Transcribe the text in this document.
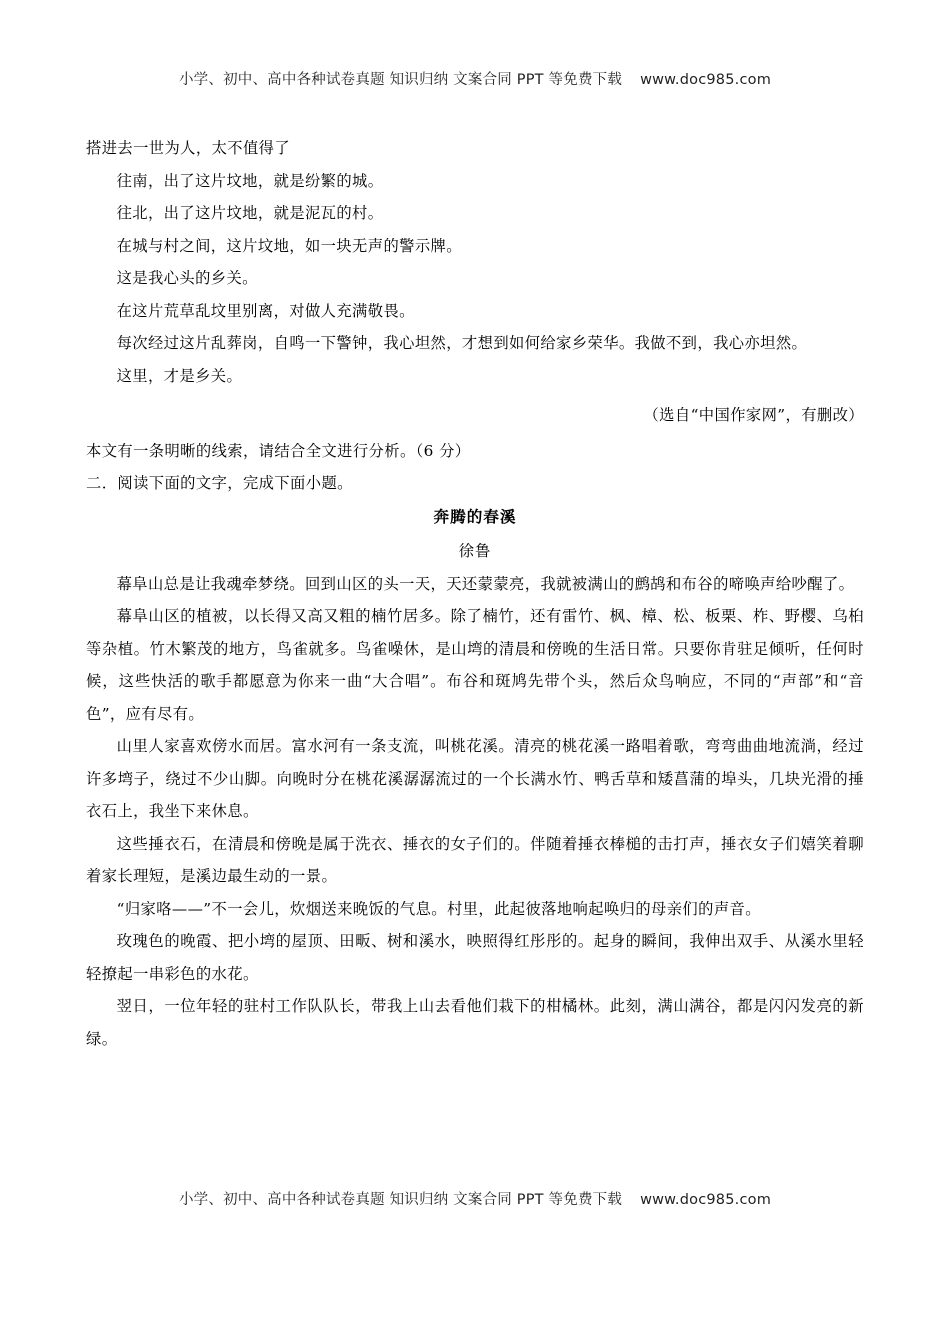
小学、初中、高中各种试卷真题 知识归纳 文案合同 PPT 等免费下载 www.doc985.com

搭进去一世为人，太不值得了

往南，出了这片坟地，就是纷繁的城。

往北，出了这片坟地，就是泥瓦的村。

在城与村之间，这片坟地，如一块无声的警示牌。

这是我心头的乡关。

在这片荒草乱坟里别离，对做人充满敬畏。

每次经过这片乱葬岗，自鸣一下警钟，我心坦然，才想到如何给家乡荣华。我做不到，我心亦坦然。

这里，才是乡关。

（选自“中国作家网”，有删改）

本文有一条明晰的线索，请结合全文进行分析。（6 分）

二．阅读下面的文字，完成下面小题。

奔腾的春溪

徐鲁

幕阜山总是让我魂牵梦绕。回到山区的头一天，天还蒙蒙亮，我就被满山的鹧鸪和布谷的啼唤声给吵醒了。

幕阜山区的植被，以长得又高又粗的楠竹居多。除了楠竹，还有雷竹、枫、樟、松、板栗、柞、野樱、乌桕等杂植。竹木繁茂的地方，鸟雀就多。鸟雀噪休，是山塆的清晨和傍晚的生活日常。只要你肯驻足倾听，任何时候，这些快活的歌手都愿意为你来一曲“大合唱”。布谷和斑鸠先带个头，然后众鸟响应，不同的“声部”和“音色”，应有尽有。

山里人家喜欢傍水而居。富水河有一条支流，叫桃花溪。清亮的桃花溪一路唱着歌，弯弯曲曲地流淌，经过许多塆子，绕过不少山脚。向晚时分在桃花溪潺潺流过的一个长满水竹、鸭舌草和矮菖蒲的埠头，几块光滑的捶衣石上，我坐下来休息。

这些捶衣石，在清晨和傍晚是属于洗衣、捶衣的女子们的。伴随着捶衣棒槌的击打声，捶衣女子们嬉笑着聊着家长理短，是溪边最生动的一景。

“归家咯——”不一会儿，炊烟送来晚饭的气息。村里，此起彼落地响起唤归的母亲们的声音。

玫瑰色的晚霞、把小塆的屋顶、田畈、树和溪水，映照得红彤彤的。起身的瞬间，我伸出双手、从溪水里轻轻撩起一串彩色的水花。

翌日，一位年轻的驻村工作队队长，带我上山去看他们栽下的柑橘林。此刻，满山满谷，都是闪闪发亮的新绿。

小学、初中、高中各种试卷真题 知识归纳 文案合同 PPT 等免费下载 www.doc985.com
